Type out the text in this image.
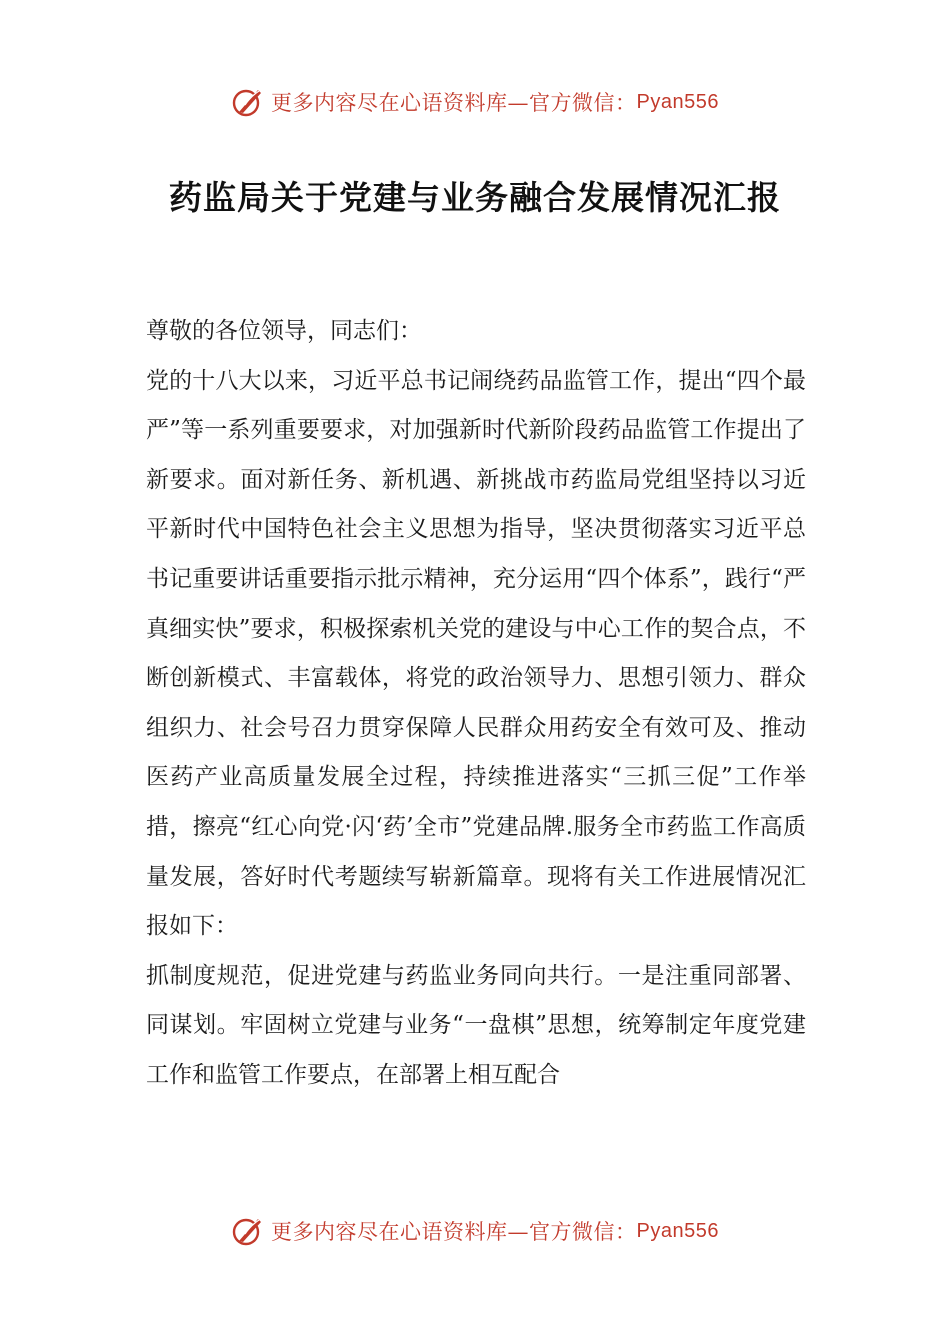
更多内容尽在心语资料库—官方微信： Pyan556
药监局关于党建与业务融合发展情况汇报

尊敬的各位领导，同志们：

党的十八大以来，习近平总书记闹绕药品监管工作，提出“四个最严”等一系列重要要求，对加强新时代新阶段药品监管工作提出了新要求。面对新任务、新机遇、新挑战市药监局党组坚持以习近平新时代中国特色社会主义思想为指导，坚决贯彻落实习近平总书记重要讲话重要指示批示精神，充分运用“四个体系”，践行“严真细实快”要求，积极探索机关党的建设与中心工作的契合点，不断创新模式、丰富载体，将党的政治领导力、思想引领力、群众组织力、社会号召力贯穿保障人民群众用药安全有效可及、推动医药产业高质量发展全过程，持续推进落实“三抓三促”工作举措，擦亮“红心向党·闪‘药’全市”党建品牌.服务全市药监工作高质量发展，答好时代考题续写崭新篇章。现将有关工作进展情况汇报如下：

抓制度规范，促进党建与药监业务同向共行。一是注重同部署、同谋划。牢固树立党建与业务“一盘棋”思想，统筹制定年度党建工作和监管工作要点，在部署上相互配合

更多内容尽在心语资料库—官方微信： Pyan556
